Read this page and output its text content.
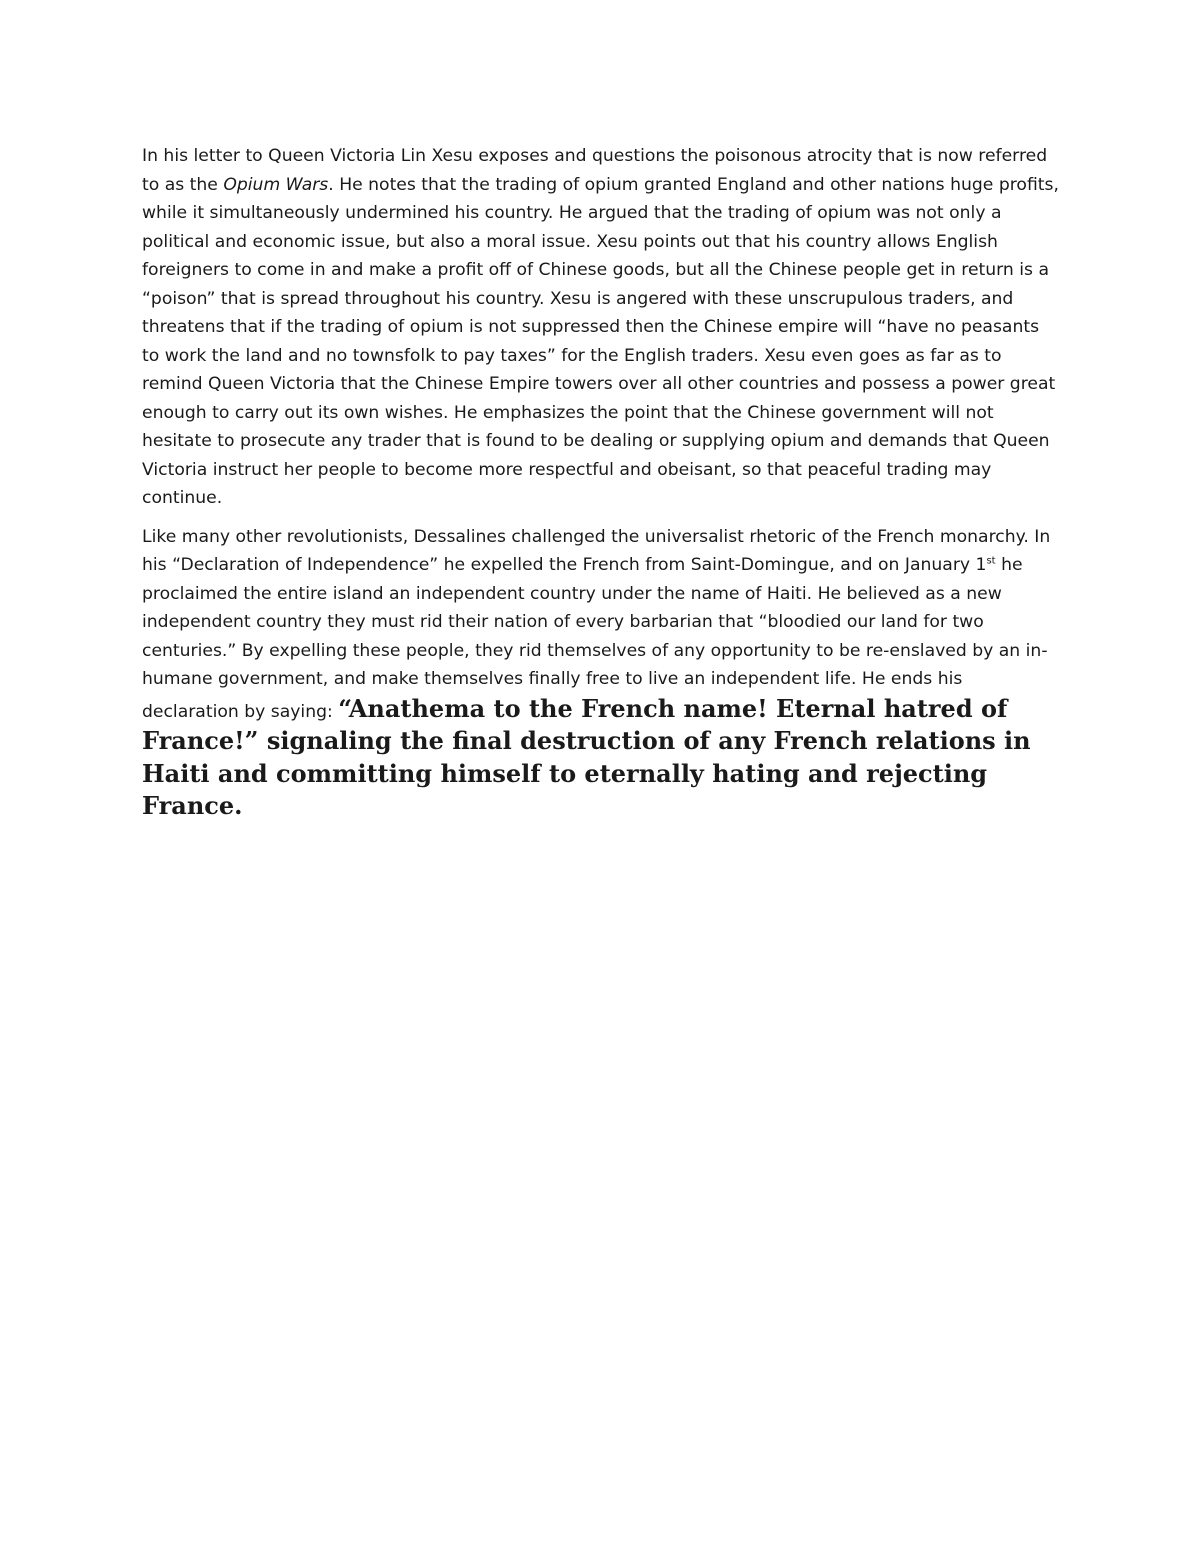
In his letter to Queen Victoria Lin Xesu exposes and questions the poisonous atrocity that is now referred to as the Opium Wars. He notes that the trading of opium granted England and other nations huge profits, while it simultaneously undermined his country. He argued that the trading of opium was not only a political and economic issue, but also a moral issue. Xesu points out that his country allows English foreigners to come in and make a profit off of Chinese goods, but all the Chinese people get in return is a “poison” that is spread throughout his country. Xesu is angered with these unscrupulous traders, and threatens that if the trading of opium is not suppressed then the Chinese empire will “have no peasants to work the land and no townsfolk to pay taxes” for the English traders. Xesu even goes as far as to remind Queen Victoria that the Chinese Empire towers over all other countries and possess a power great enough to carry out its own wishes. He emphasizes the point that the Chinese government will not hesitate to prosecute any trader that is found to be dealing or supplying opium and demands that Queen Victoria instruct her people to become more respectful and obeisant, so that peaceful trading may continue.

Like many other revolutionists, Dessalines challenged the universalist rhetoric of the French monarchy. In his “Declaration of Independence” he expelled the French from Saint-Domingue, and on January 1st he proclaimed the entire island an independent country under the name of Haiti. He believed as a new independent country they must rid their nation of every barbarian that “bloodied our land for two centuries.” By expelling these people, they rid themselves of any opportunity to be re-enslaved by an in-humane government, and make themselves finally free to live an independent life. He ends his declaration by saying: “Anathema to the French name! Eternal hatred of France!” signaling the final destruction of any French relations in Haiti and committing himself to eternally hating and rejecting France.
